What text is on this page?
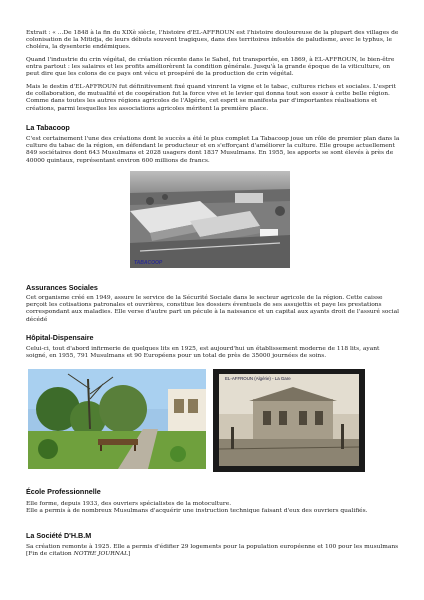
Extrait : « ...De 1848 à la fin du XIXè siècle, l'histoire d'EL-AFFROUN est l'histoire douloureuse de la plupart des villages de colonisation de la Mitidja, de leurs débuts souvent tragiques, dans des territoires infestés de paludisme, avec le typhus, le choléra, la dysenterie endémiques.

Quand l'industrie du crin végétal, de création récente dans le Sahel, fut transportée, en 1869, à EL-AFFROUN, le bien-être entra partout : les salaires et les profits améliorèrent la condition générale. Jusqu'à la grande époque de la viticulture, on peut dire que les colons de ce pays ont vécu et prospéré de la production de crin végétal.

Mais le destin d'EL-AFFROUN fut définitivement fixé quand vinrent la vigne et le tabac, cultures riches et sociales. L'esprit de collaboration, de mutualité et de coopération fut la force vive et le levier qui donna tout son essor à cette belle région. Comme dans toutes les autres régions agricoles de l'Algérie, cet esprit se manifesta par d'importantes réalisations et créations, parmi lesquelles les associations agricoles méritent la première place.

La Tabacoop

C'est certainement l'une des créations dont le succès a été le plus complet La Tabacoop joue un rôle de premier plan dans la culture du tabac de la région, en défendant le producteur et en s'efforçant d'améliorer la culture. Elle groupe actuellement 849 sociétaires dont 643 Musulmans et 2028 usagers dont 1837 Musulmans. En 1955, les apports se sont élevés à près de 40000 quintaux, représentant environ 600 millions de francs.

TABACOOP
Assurances Sociales

Cet organisme créé en 1949, assure le service de la Sécurité Sociale dans le secteur agricole de la région. Cette caisse perçoit les cotisations patronales et ouvrières, constitue les dossiers éventuels de ses assujettis et paye les prestations correspondant aux maladies. Elle verse d'autre part un pécule à la naissance et un capital aux ayants droit de l'assuré social décédé

Hôpital-Dispensaire

Celui-ci, tout d'abord infirmerie de quelques lits en 1925, est aujourd'hui un établissement moderne de 118 lits, ayant soigné, en 1955, 791 Musulmans et 90 Européens pour un total de près de 35000 journées de soins.

EL-AFFROUN (Algérie) - La Gare
École Professionnelle

Elle forme, depuis 1933, des ouvriers spécialistes de la motoculture.
Elle a permis à de nombreux Musulmans d'acquérir une instruction technique faisant d'eux des ouvriers qualifiés.

La Société D'H.B.M

Sa création remonte à 1925. Elle a permis d'édifier 29 logements pour la population européenne et 100 pour les musulmans [Fin de citation NOTRE JOURNAL]
